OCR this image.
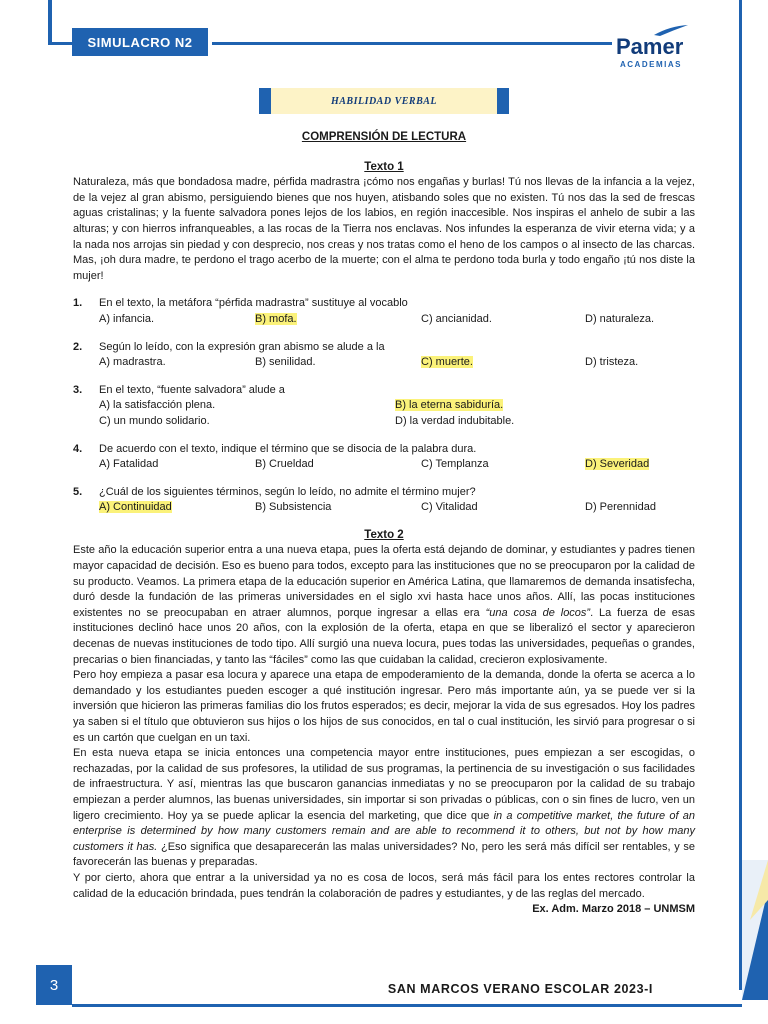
SIMULACRO N2	Pamer
ACADEMIAS
HABILIDAD VERBAL
COMPRENSIÓN DE LECTURA
Texto 1
Naturaleza, más que bondadosa madre, pérfida madrastra ¡cómo nos engañas y burlas! Tú nos llevas de la infancia a la vejez, de la vejez al gran abismo, persiguiendo bienes que nos huyen, atisbando soles que no existen. Tú nos das la sed de frescas aguas cristalinas; y la fuente salvadora pones lejos de los labios, en región inaccesible. Nos inspiras el anhelo de subir a las alturas; y con hierros infranqueables, a las rocas de la Tierra nos enclavas. Nos infundes la esperanza de vivir eterna vida; y a la nada nos arrojas sin piedad y con desprecio, nos creas y nos tratas como el heno de los campos o al insecto de las charcas. Mas, ¡oh dura madre, te perdono el trago acerbo de la muerte; con el alma te perdono toda burla y todo engaño ¡tú nos diste la mujer!
1.	En el texto, la metáfora “pérfida madrastra” sustituye al vocablo
A) infancia.	B) mofa.	C) ancianidad.	D) naturaleza.
2.	Según lo leído, con la expresión gran abismo se alude a la
A) madrastra.	B) senilidad.	C) muerte.	D) tristeza.
3.	En el texto, “fuente salvadora” alude a
A) la satisfacción plena.	B) la eterna sabiduría.
C) un mundo solidario.	D) la verdad indubitable.
4.	De acuerdo con el texto, indique el término que se disocia de la palabra dura.
A) Fatalidad	B) Crueldad	C) Templanza	D) Severidad
5.	¿Cuál de los siguientes términos, según lo leído, no admite el término mujer?
A) Continuidad	B) Subsistencia	C) Vitalidad	D) Perennidad
Texto 2
Este año la educación superior entra a una nueva etapa, pues la oferta está dejando de dominar, y estudiantes y padres tienen mayor capacidad de decisión. Eso es bueno para todos, excepto para las instituciones que no se preocuparon por la calidad de su producto. Veamos. La primera etapa de la educación superior en América Latina, que llamaremos de demanda insatisfecha, duró desde la fundación de las primeras universidades en el siglo xvi hasta hace unos años. Allí, las pocas instituciones existentes no se preocupaban en atraer alumnos, porque ingresar a ellas era “una cosa de locos”. La fuerza de esas instituciones declinó hace unos 20 años, con la explosión de la oferta, etapa en que se liberalizó el sector y aparecieron decenas de nuevas instituciones de todo tipo. Allí surgió una nueva locura, pues todas las universidades, pequeñas o grandes, precarias o bien financiadas, y tanto las “fáciles” como las que cuidaban la calidad, crecieron explosivamente.
Pero hoy empieza a pasar esa locura y aparece una etapa de empoderamiento de la demanda, donde la oferta se acerca a lo demandado y los estudiantes pueden escoger a qué institución ingresar. Pero más importante aún, ya se puede ver si la inversión que hicieron las primeras familias dio los frutos esperados; es decir, mejorar la vida de sus egresados. Hoy los padres ya saben si el título que obtuvieron sus hijos o los hijos de sus conocidos, en tal o cual institución, les sirvió para progresar o si es un cartón que cuelgan en un taxi.
En esta nueva etapa se inicia entonces una competencia mayor entre instituciones, pues empiezan a ser escogidas, o rechazadas, por la calidad de sus profesores, la utilidad de sus programas, la pertinencia de su investigación o sus facilidades de infraestructura. Y así, mientras las que buscaron ganancias inmediatas y no se preocuparon por la calidad de su trabajo empiezan a perder alumnos, las buenas universidades, sin importar si son privadas o públicas, con o sin fines de lucro, ven un ligero crecimiento. Hoy ya se puede aplicar la esencia del marketing, que dice que in a competitive market, the future of an enterprise is determined by how many customers remain and are able to recommend it to others, but not by how many customers it has. ¿Eso significa que desaparecerán las malas universidades? No, pero les será más difícil ser rentables, y se favorecerán las buenas y preparadas.
Y por cierto, ahora que entrar a la universidad ya no es cosa de locos, será más fácil para los entes rectores controlar la calidad de la educación brindada, pues tendrán la colaboración de padres y estudiantes, y de las reglas del mercado.
Ex. Adm. Marzo 2018 – UNMSM
3	SAN MARCOS VERANO ESCOLAR 2023-I
